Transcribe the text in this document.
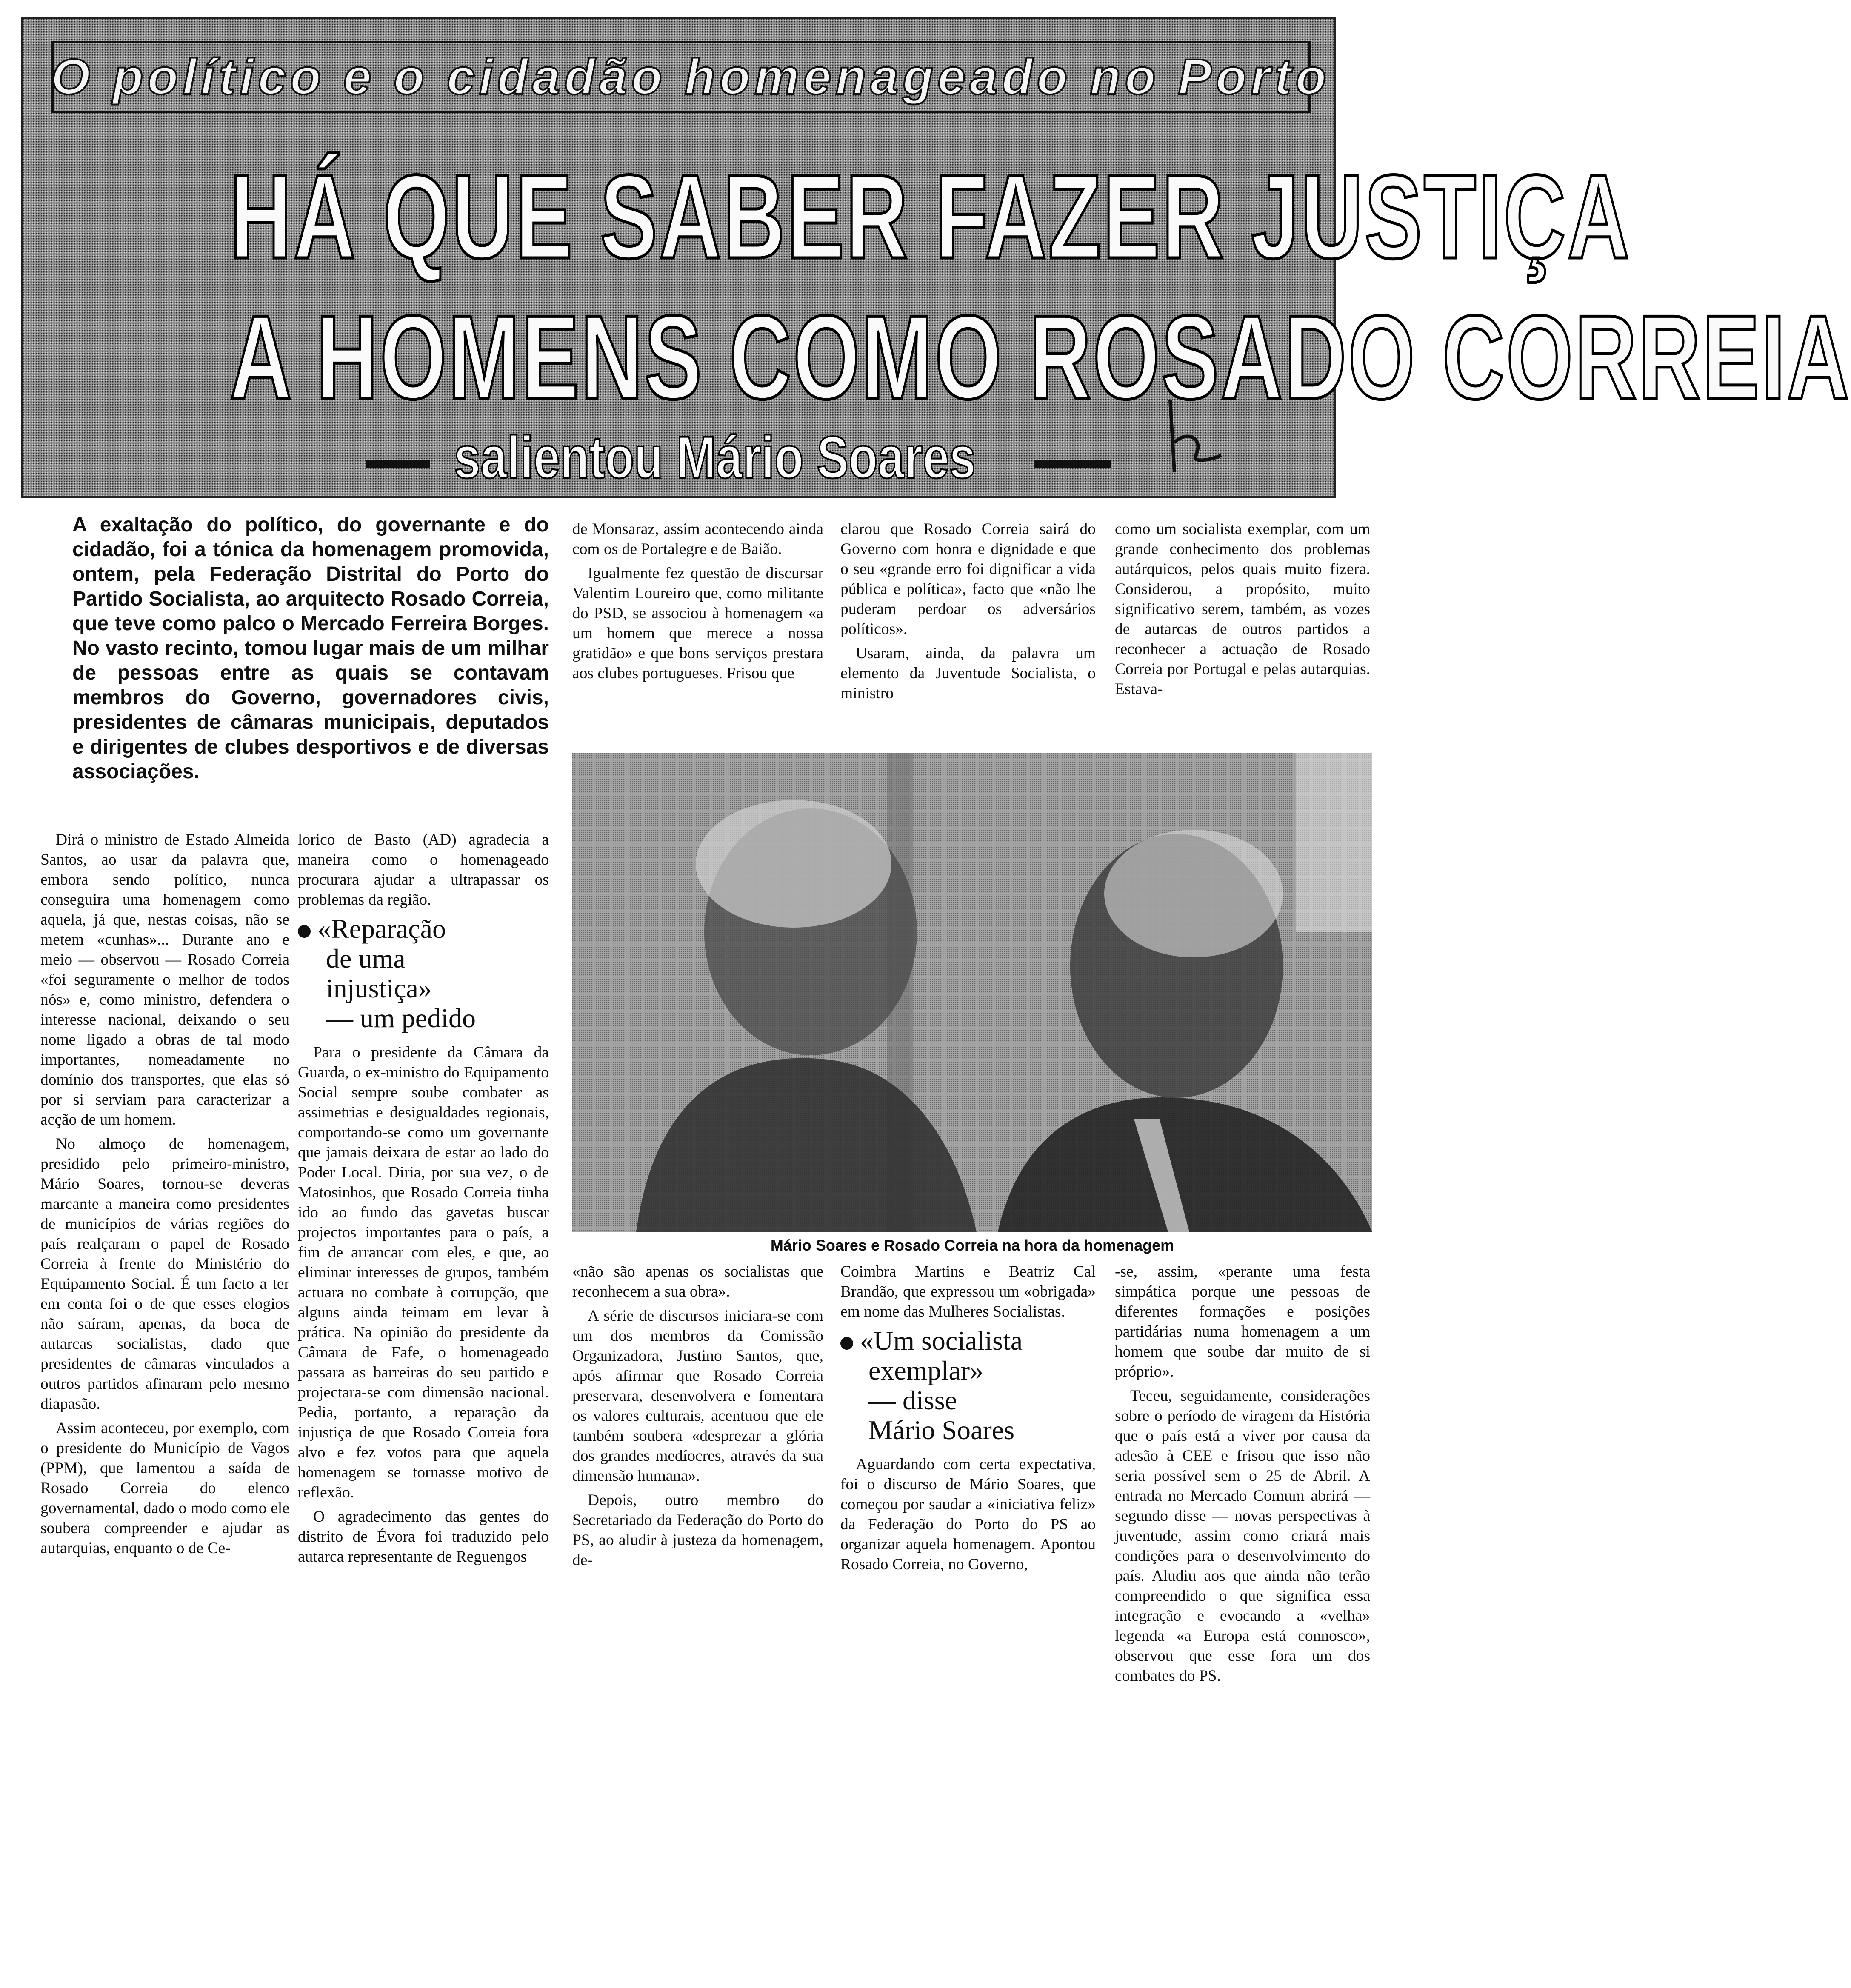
O político e o cidadão homenageado no Porto
HÁ QUE SABER FAZER JUSTIÇA
A HOMENS COMO ROSADO CORREIA
salientou Mário Soares
A exaltação do político, do governante e do cidadão, foi a tónica da homenagem promovida, ontem, pela Federação Distrital do Porto do Partido Socialista, ao arquitecto Rosado Correia, que teve como palco o Mercado Ferreira Borges. No vasto recinto, tomou lugar mais de um milhar de pessoas entre as quais se contavam membros do Governo, governadores civis, presidentes de câmaras municipais, deputados e dirigentes de clubes desportivos e de diversas associações.

de Monsaraz, assim acontecendo ainda com os de Portalegre e de Baião.

Igualmente fez questão de discursar Valentim Loureiro que, como militante do PSD, se associou à homenagem «a um homem que merece a nossa gratidão» e que bons serviços prestara aos clubes portugueses. Frisou que

clarou que Rosado Correia sairá do Governo com honra e dignidade e que o seu «grande erro foi dignificar a vida pública e política», facto que «não lhe puderam perdoar os adversários políticos».

Usaram, ainda, da palavra um elemento da Juventude Socialista, o ministro

como um socialista exemplar, com um grande conhecimento dos problemas autárquicos, pelos quais muito fizera. Considerou, a propósito, muito significativo serem, também, as vozes de autarcas de outros partidos a reconhecer a actuação de Rosado Correia por Portugal e pelas autarquias. Estava-

Dirá o ministro de Estado Almeida Santos, ao usar da palavra que, embora sendo político, nunca conseguira uma homenagem como aquela, já que, nestas coisas, não se metem «cunhas»... Durante ano e meio — observou — Rosado Correia «foi seguramente o melhor de todos nós» e, como ministro, defendera o interesse nacional, deixando o seu nome ligado a obras de tal modo importantes, nomeadamente no domínio dos transportes, que elas só por si serviam para caracterizar a acção de um homem.

No almoço de homenagem, presidido pelo primeiro-ministro, Mário Soares, tornou-se deveras marcante a maneira como presidentes de municípios de várias regiões do país realçaram o papel de Rosado Correia à frente do Ministério do Equipamento Social. É um facto a ter em conta foi o de que esses elogios não saíram, apenas, da boca de autarcas socialistas, dado que presidentes de câmaras vinculados a outros partidos afinaram pelo mesmo diapasão.

Assim aconteceu, por exemplo, com o presidente do Município de Vagos (PPM), que lamentou a saída de Rosado Correia do elenco governamental, dado o modo como ele soubera compreender e ajudar as autarquias, enquanto o de Ce-

lorico de Basto (AD) agradecia a maneira como o homenageado procurara ajudar a ultrapassar os problemas da região.

«Reparação
de uma
injustiça»
— um pedido

Para o presidente da Câmara da Guarda, o ex-ministro do Equipamento Social sempre soube combater as assimetrias e desigualdades regionais, comportando-se como um governante que jamais deixara de estar ao lado do Poder Local. Diria, por sua vez, o de Matosinhos, que Rosado Correia tinha ido ao fundo das gavetas buscar projectos importantes para o país, a fim de arrancar com eles, e que, ao eliminar interesses de grupos, também actuara no combate à corrupção, que alguns ainda teimam em levar à prática. Na opinião do presidente da Câmara de Fafe, o homenageado passara as barreiras do seu partido e projectara-se com dimensão nacional. Pedia, portanto, a reparação da injustiça de que Rosado Correia fora alvo e fez votos para que aquela homenagem se tornasse motivo de reflexão.

O agradecimento das gentes do distrito de Évora foi traduzido pelo autarca representante de Reguengos

Mário Soares e Rosado Correia na hora da homenagem

«não são apenas os socialistas que reconhecem a sua obra».

A série de discursos iniciara-se com um dos membros da Comissão Organizadora, Justino Santos, que, após afirmar que Rosado Correia preservara, desenvolvera e fomentara os valores culturais, acentuou que ele também soubera «desprezar a glória dos grandes medíocres, através da sua dimensão humana».

Depois, outro membro do Secretariado da Federação do Porto do PS, ao aludir à justeza da homenagem, de-

Coimbra Martins e Beatriz Cal Brandão, que expressou um «obrigada» em nome das Mulheres Socialistas.

«Um socialista
exemplar»
— disse
Mário Soares

Aguardando com certa expectativa, foi o discurso de Mário Soares, que começou por saudar a «iniciativa feliz» da Federação do Porto do PS ao organizar aquela homenagem. Apontou Rosado Correia, no Governo,

-se, assim, «perante uma festa simpática porque une pessoas de diferentes formações e posições partidárias numa homenagem a um homem que soube dar muito de si próprio».

Teceu, seguidamente, considerações sobre o período de viragem da História que o país está a viver por causa da adesão à CEE e frisou que isso não seria possível sem o 25 de Abril. A entrada no Mercado Comum abrirá — segundo disse — novas perspectivas à juventude, assim como criará mais condições para o desenvolvimento do país. Aludiu aos que ainda não terão compreendido o que significa essa integração e evocando a «velha» legenda «a Europa está connosco», observou que esse fora um dos combates do PS.
